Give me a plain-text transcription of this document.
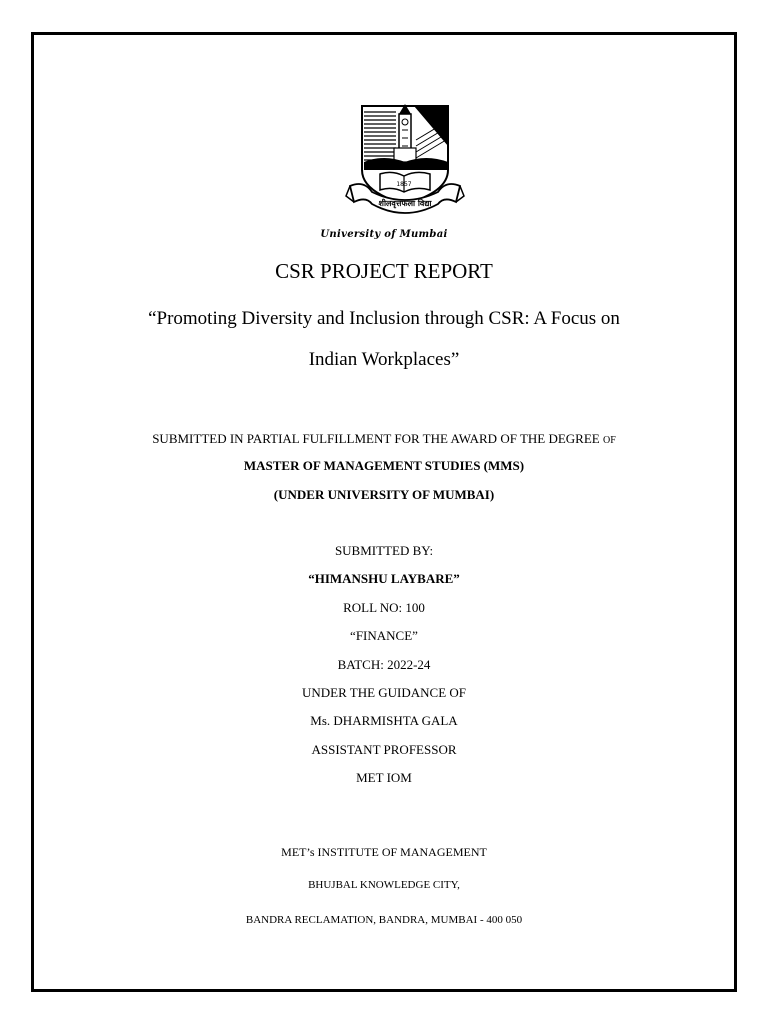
1857
शीलवृत्तफला विद्या
University of Mumbai
CSR PROJECT REPORT
“Promoting Diversity and Inclusion through CSR: A Focus on
Indian Workplaces”
SUBMITTED IN PARTIAL FULFILLMENT FOR THE AWARD OF THE DEGREE OF
MASTER OF MANAGEMENT STUDIES (MMS)
(UNDER UNIVERSITY OF MUMBAI)
SUBMITTED BY:
“HIMANSHU LAYBARE”
ROLL NO: 100
“FINANCE”
BATCH: 2022-24
UNDER THE GUIDANCE OF
Ms. DHARMISHTA GALA
ASSISTANT PROFESSOR
MET IOM
MET’s INSTITUTE OF MANAGEMENT
BHUJBAL KNOWLEDGE CITY,
BANDRA RECLAMATION, BANDRA, MUMBAI - 400 050
